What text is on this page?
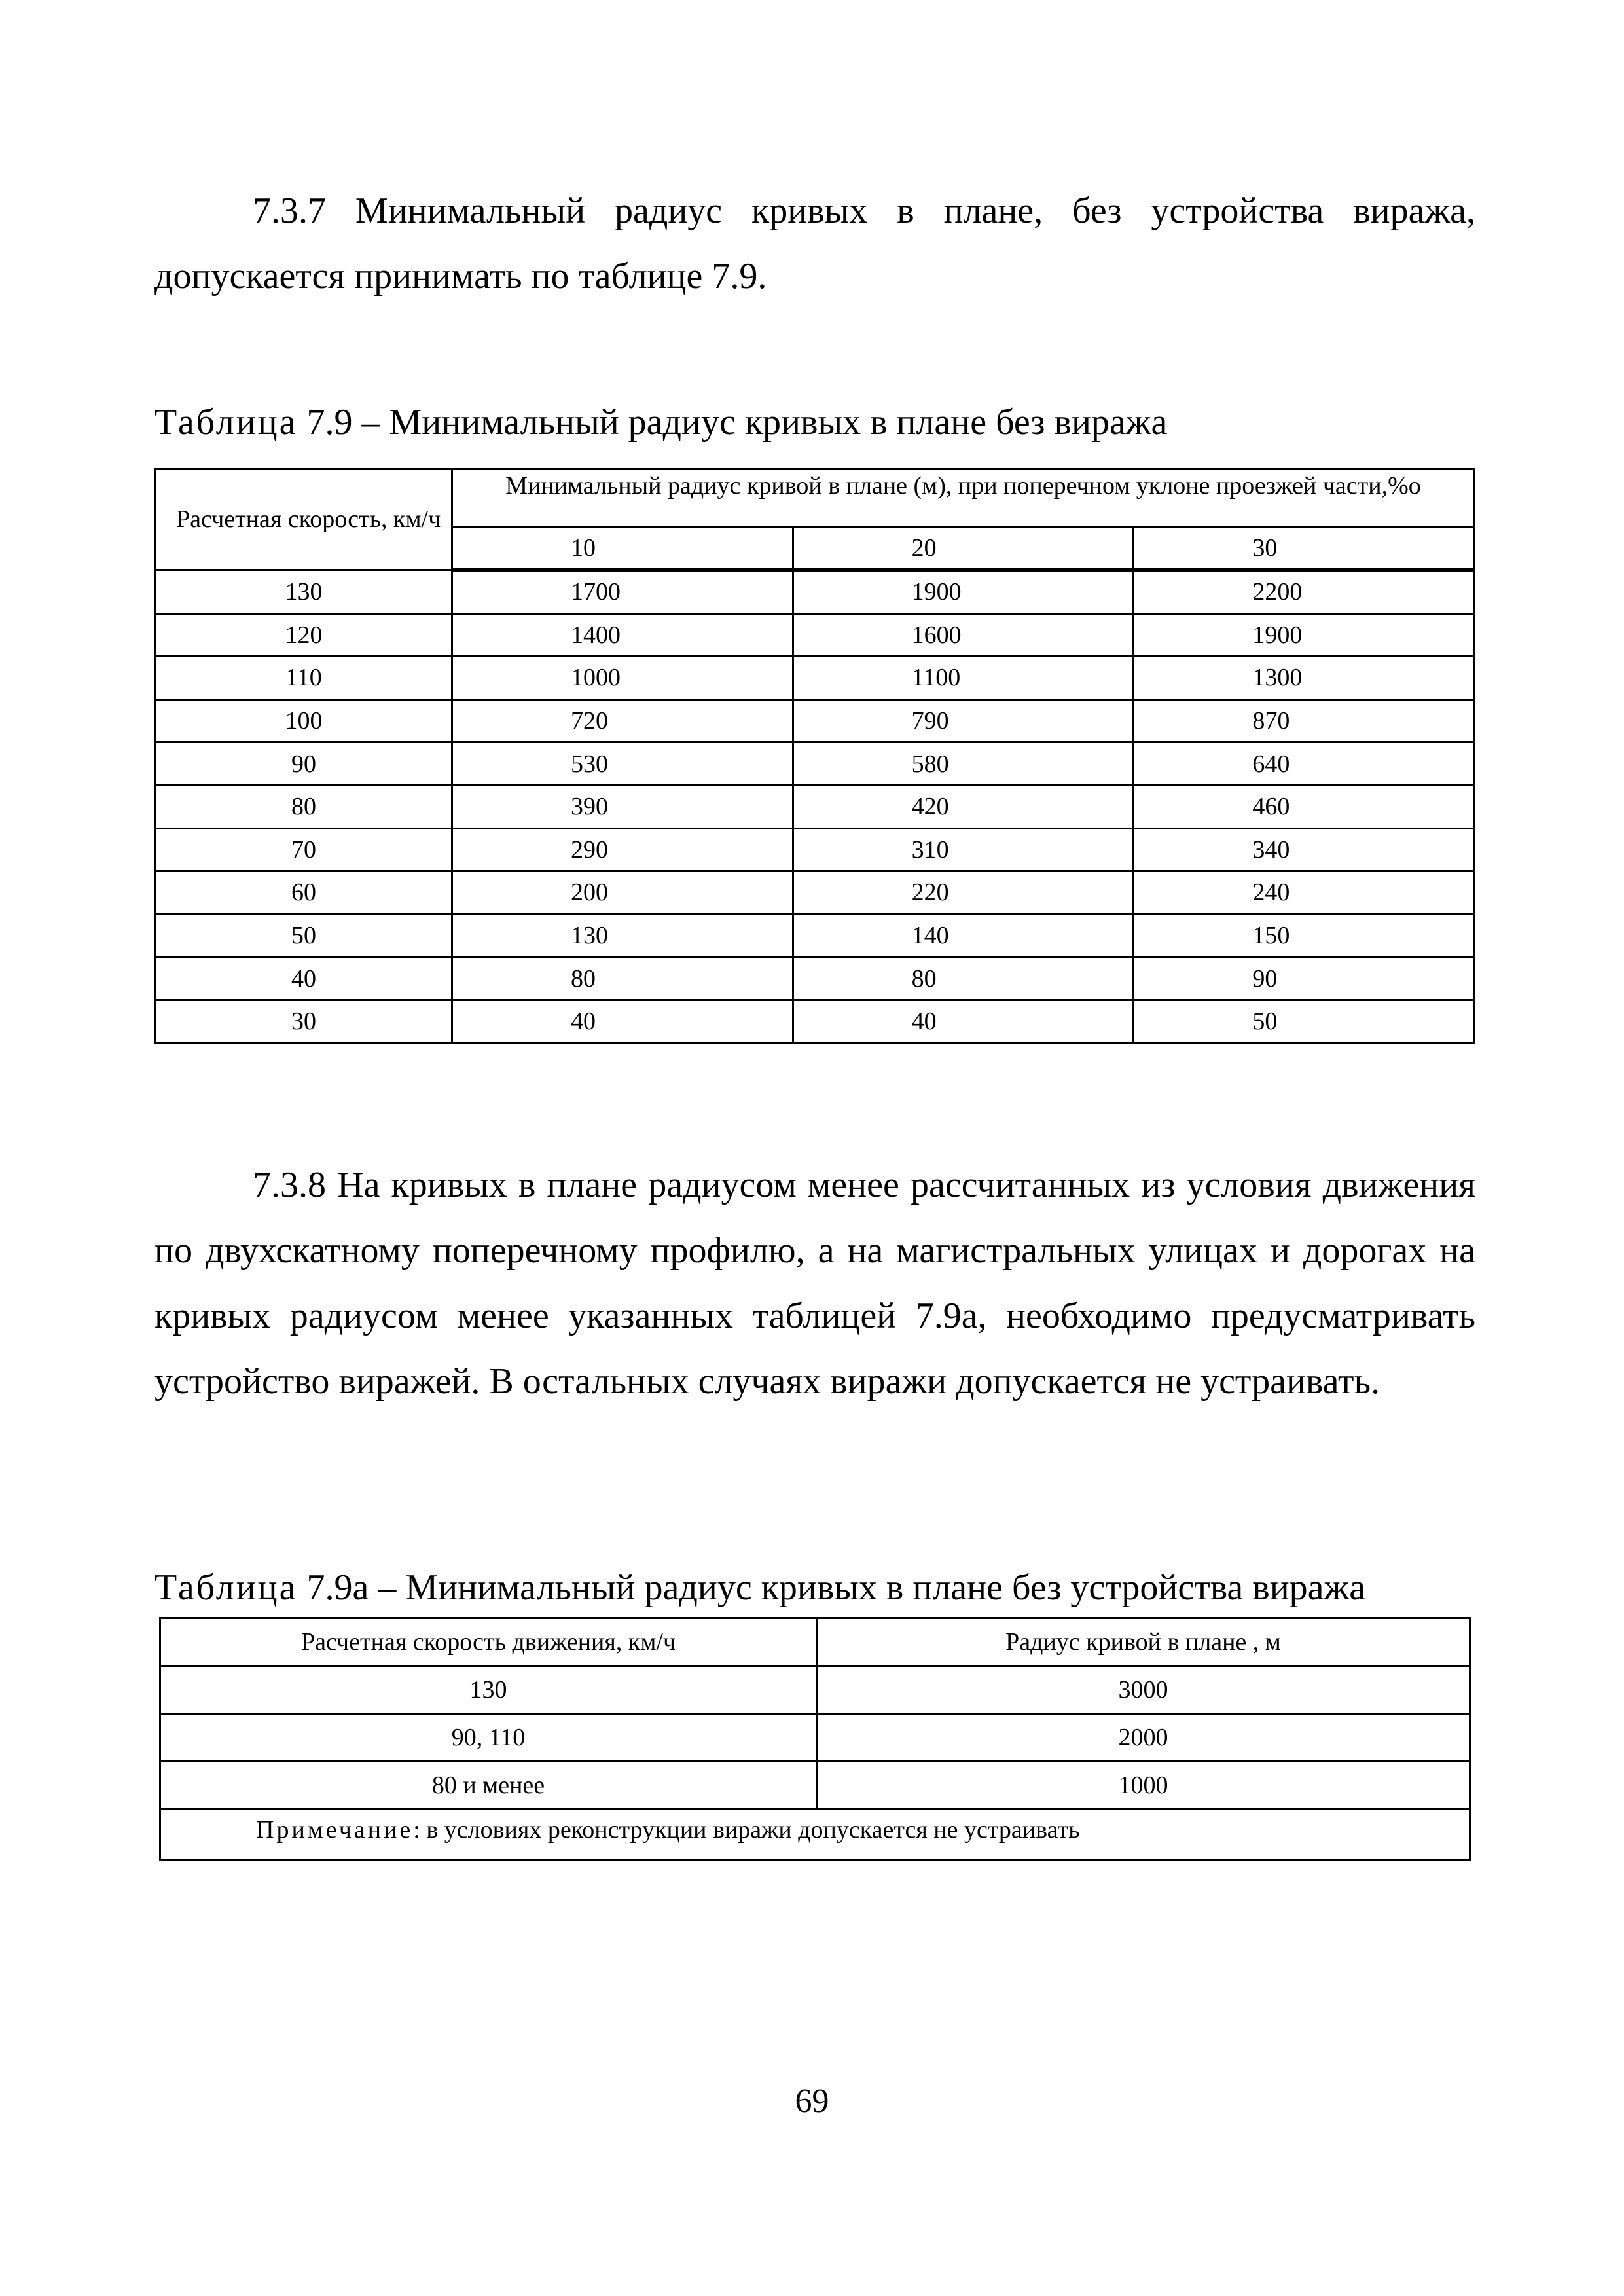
7.3.7 Минимальный радиус кривых в плане, без устройства виража, допускается принимать по таблице 7.9.

Таблица 7.9 – Минимальный радиус кривых в плане без виража
Расчетная скорость, км/ч	Минимальный радиус кривой в плане (м), при поперечном уклоне проезжей части,%о		
	10	20	30
130	1700	1900	2200
120	1400	1600	1900
110	1000	1100	1300
100	720	790	870
90	530	580	640
80	390	420	460
70	290	310	340
60	200	220	240
50	130	140	150
40	80	80	90
30	40	40	50

7.3.8 На кривых в плане радиусом менее рассчитанных из условия движения по двухскатному поперечному профилю, а на магистральных улицах и дорогах на кривых радиусом менее указанных таблицей 7.9а, необходимо предусматривать устройство виражей. В остальных случаях виражи допускается не устраивать.

Таблица 7.9а – Минимальный радиус кривых в плане без устройства виража
Расчетная скорость движения, км/ч	Радиус кривой в плане , м
130	3000
90, 110	2000
80 и менее	1000
Примечание: в условиях реконструкции виражи допускается не устраивать	
69
